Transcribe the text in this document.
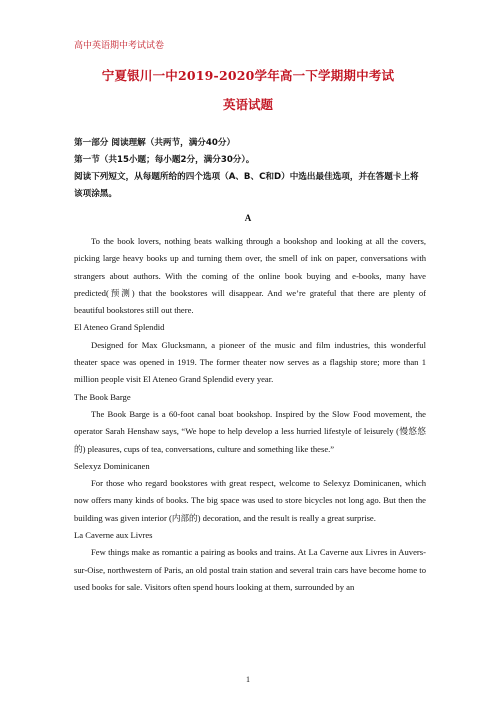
高中英语期中考试试卷
宁夏银川一中2019-2020学年高一下学期期中考试
英语试题
第一部分 阅读理解（共两节，满分40分）
第一节（共15小题；每小题2分，满分30分）。
阅读下列短文，从每题所给的四个选项（A、B、C和D）中选出最佳选项，并在答题卡上将该项涂黑。
A

To the book lovers, nothing beats walking through a bookshop and looking at all the covers, picking large heavy books up and turning them over, the smell of ink on paper, conversations with strangers about authors. With the coming of the online book buying and e-books, many have predicted(预测) that the bookstores will disappear. And we’re grateful that there are plenty of beautiful bookstores still out there.

El Ateneo Grand Splendid

Designed for Max Glucksmann, a pioneer of the music and film industries, this wonderful theater space was opened in 1919. The former theater now serves as a flagship store; more than 1 million people visit El Ateneo Grand Splendid every year.

The Book Barge

The Book Barge is a 60-foot canal boat bookshop. Inspired by the Slow Food movement, the operator Sarah Henshaw says, “We hope to help develop a less hurried lifestyle of leisurely (慢悠悠的) pleasures, cups of tea, conversations, culture and something like these.”

Selexyz Dominicanen

For those who regard bookstores with great respect, welcome to Selexyz Dominicanen, which now offers many kinds of books. The big space was used to store bicycles not long ago. But then the building was given interior (内部的) decoration, and the result is really a great surprise.

La Caverne aux Livres

Few things make as romantic a pairing as books and trains. At La Caverne aux Livres in Auvers-sur-Oise, northwestern of Paris, an old postal train station and several train cars have become home to used books for sale. Visitors often spend hours looking at them, surrounded by an

1
